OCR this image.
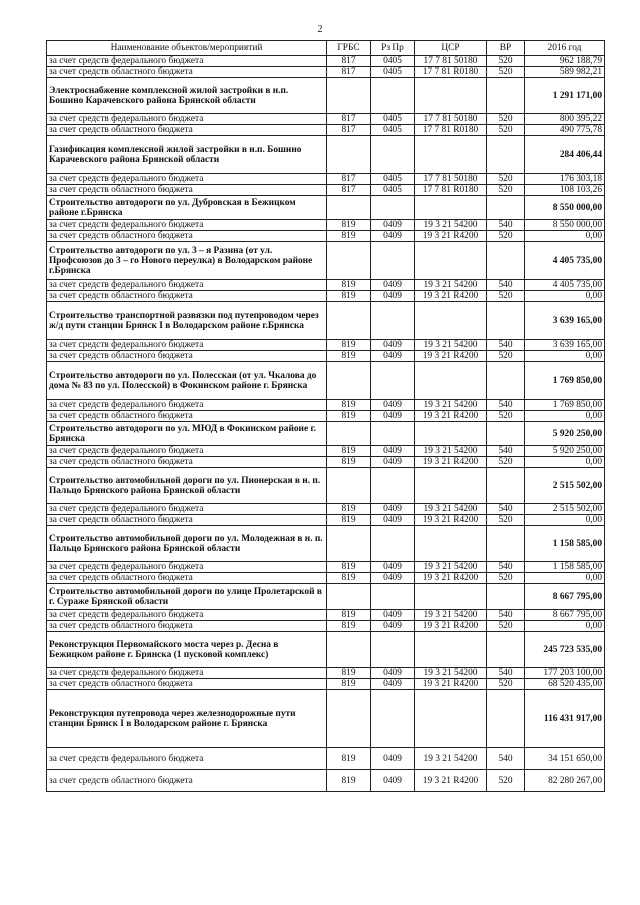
2
Наименование объектов/мероприятий	ГРБС	Рз Пр	ЦСР	ВР	2016 год
за счет средств федерального бюджета	817	0405	17 7 81 50180	520	962 188,79
за счет средств областного бюджета	817	0405	17 7 81 R0180	520	589 982,21
Электроснабжение комплексной жилой застройки в н.п. Бошино Карачевского района Брянской области					1 291 171,00
за счет средств федерального бюджета	817	0405	17 7 81 50180	520	800 395,22
за счет средств областного бюджета	817	0405	17 7 81 R0180	520	490 775,78
Газификация комплексной жилой застройки в н.п. Бошино Карачевского района Брянской области					284 406,44
за счет средств федерального бюджета	817	0405	17 7 81 50180	520	176 303,18
за счет средств областного бюджета	817	0405	17 7 81 R0180	520	108 103,26
Строительство автодороги по ул. Дубровская в Бежицком районе г.Брянска					8 550 000,00
за счет средств федерального бюджета	819	0409	19 3 21 54200	540	8 550 000,00
за счет средств областного бюджета	819	0409	19 3 21 R4200	520	0,00
Строительство автодороги по ул. 3 – я Разина (от ул. Профсоюзов до 3 – го Нового переулка) в Володарском районе г.Брянска					4 405 735,00
за счет средств федерального бюджета	819	0409	19 3 21 54200	540	4 405 735,00
за счет средств областного бюджета	819	0409	19 3 21 R4200	520	0,00
Строительство транспортной развязки под путепроводом через ж/д пути станции Брянск I в Володарском районе г.Брянска					3 639 165,00
за счет средств федерального бюджета	819	0409	19 3 21 54200	540	3 639 165,00
за счет средств областного бюджета	819	0409	19 3 21 R4200	520	0,00
Строительство автодороги по ул. Полесская (от ул. Чкалова до дома № 83 по ул. Полесской) в Фокинском районе г. Брянска					1 769 850,00
за счет средств федерального бюджета	819	0409	19 3 21 54200	540	1 769 850,00
за счет средств областного бюджета	819	0409	19 3 21 R4200	520	0,00
Строительство автодороги по ул. МЮД в Фокинском районе г. Брянска					5 920 250,00
за счет средств федерального бюджета	819	0409	19 3 21 54200	540	5 920 250,00
за счет средств областного бюджета	819	0409	19 3 21 R4200	520	0,00
Строительство автомобильной дороги по ул. Пионерская в н. п. Пальцо Брянского района Брянской области					2 515 502,00
за счет средств федерального бюджета	819	0409	19 3 21 54200	540	2 515 502,00
за счет средств областного бюджета	819	0409	19 3 21 R4200	520	0,00
Строительство автомобильной дороги по ул. Молодежная в н. п. Пальцо Брянского района Брянской области					1 158 585,00
за счет средств федерального бюджета	819	0409	19 3 21 54200	540	1 158 585,00
за счет средств областного бюджета	819	0409	19 3 21 R4200	520	0,00
Строительство автомобильной дороги по улице Пролетарской в г. Сураже Брянской области					8 667 795,00
за счет средств федерального бюджета	819	0409	19 3 21 54200	540	8 667 795,00
за счет средств областного бюджета	819	0409	19 3 21 R4200	520	0,00
Реконструкция Первомайского моста через р. Десна в Бежицком районе г. Брянска (1 пусковой комплекс)					245 723 535,00
за счет средств федерального бюджета	819	0409	19 3 21 54200	540	177 203 100,00
за счет средств областного бюджета	819	0409	19 3 21 R4200	520	68 520 435,00
Реконструкция путепровода через железнодорожные пути станции Брянск I в Володарском районе г. Брянска					116 431 917,00
за счет средств федерального бюджета	819	0409	19 3 21 54200	540	34 151 650,00
за счет средств областного бюджета	819	0409	19 3 21 R4200	520	82 280 267,00
